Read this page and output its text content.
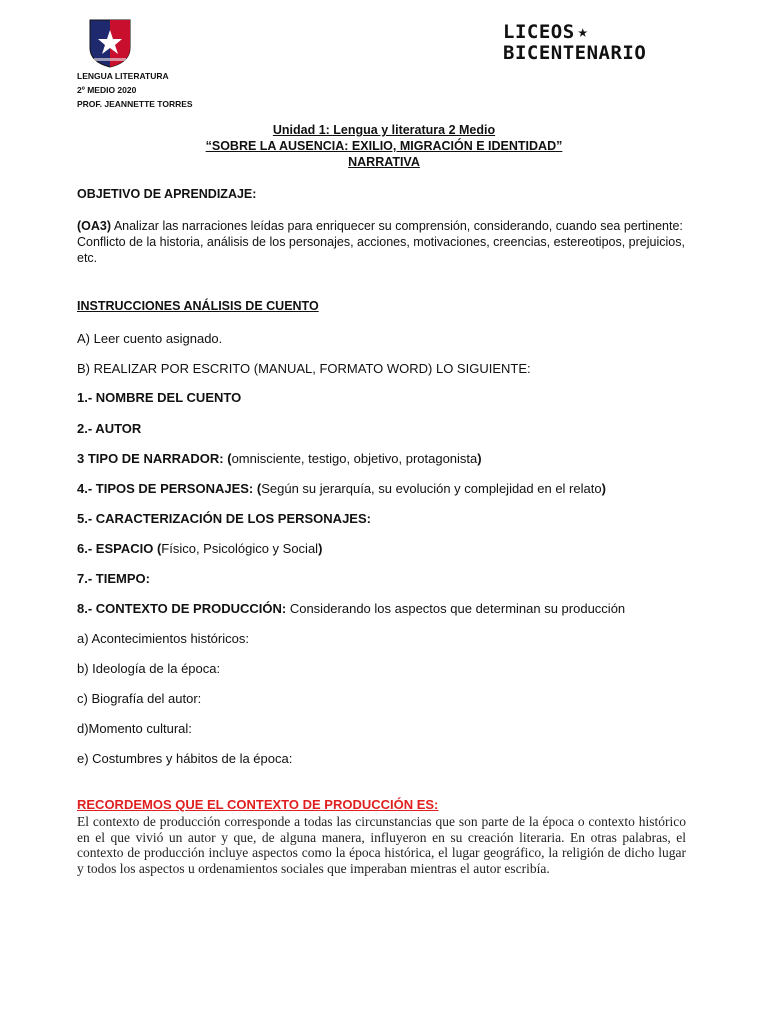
LICEOS ★
BICENTENARIO
LENGUA LITERATURA
2º MEDIO 2020
PROF. JEANNETTE TORRES
Unidad 1: Lengua y literatura 2 Medio
“SOBRE LA AUSENCIA: EXILIO, MIGRACIÓN E IDENTIDAD”
NARRATIVA
OBJETIVO DE APRENDIZAJE:
(OA3) Analizar las narraciones leídas para enriquecer su comprensión, considerando, cuando sea pertinente: Conflicto de la historia, análisis de los personajes, acciones, motivaciones, creencias, estereotipos, prejuicios, etc.
INSTRUCCIONES ANÁLISIS DE CUENTO
A) Leer cuento asignado.
B) REALIZAR POR ESCRITO (MANUAL, FORMATO WORD) LO SIGUIENTE:
1.- NOMBRE DEL CUENTO
2.- AUTOR
3 TIPO DE NARRADOR: (omnisciente, testigo, objetivo, protagonista)
4.- TIPOS DE PERSONAJES: (Según su jerarquía, su evolución y complejidad en el relato)
5.- CARACTERIZACIÓN DE LOS PERSONAJES:
6.- ESPACIO (Físico, Psicológico y Social)
7.- TIEMPO:
8.- CONTEXTO DE PRODUCCIÓN: Considerando los aspectos que determinan su producción
a) Acontecimientos históricos:
b) Ideología de la época:
c) Biografía del autor:
d)Momento cultural:
e) Costumbres y hábitos de la época:
RECORDEMOS QUE EL CONTEXTO DE PRODUCCIÓN ES:
El contexto de producción corresponde a todas las circunstancias que son parte de la época o contexto histórico en el que vivió un autor y que, de alguna manera, influyeron en su creación literaria. En otras palabras, el contexto de producción incluye aspectos como la época histórica, el lugar geográfico, la religión de dicho lugar y todos los aspectos u ordenamientos sociales que imperaban mientras el autor escribía.
